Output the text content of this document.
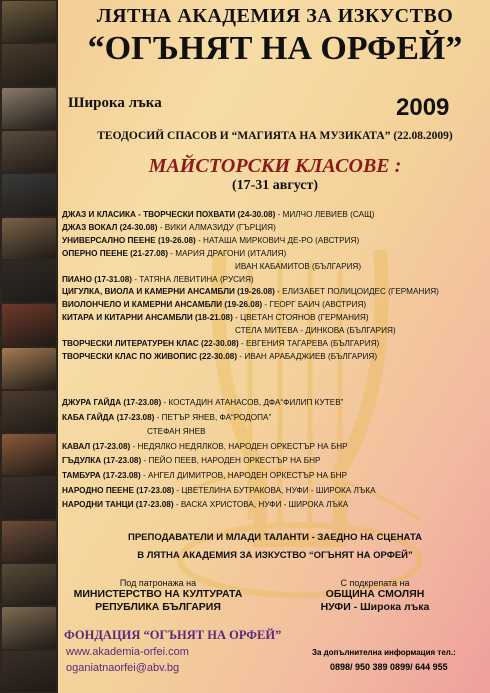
ЛЯТНА АКАДЕМИЯ ЗА ИЗКУСТВО
“ОГЪНЯТ НА ОРФЕЙ”
Широка лъка	2009
ТЕОДОСИЙ СПАСОВ И “МАГИЯТА НА МУЗИКАТА” (22.08.2009)
МАЙСТОРСКИ КЛАСОВЕ :
(17-31 август)
ДЖАЗ И КЛАСИКА - ТВОРЧЕСКИ ПОХВАТИ (24-30.08) - МИЛЧО ЛЕВИЕВ (САЩ)
ДЖАЗ ВОКАЛ (24-30.08) - ВИКИ АЛМАЗИДУ (ГЪРЦИЯ)
УНИВЕРСАЛНО ПЕЕНЕ (19-26.08) - НАТАША МИРКОВИЧ ДЕ-РО (АВСТРИЯ)
ОПЕРНО ПЕЕНЕ (21-27.08) - МАРИЯ ДРАГОНИ (ИТАЛИЯ)
ИВАН КАБАМИТОВ (БЪЛГАРИЯ)
ПИАНО (17-31.08) - ТАТЯНА ЛЕВИТИНА (РУСИЯ)
ЦИГУЛКА, ВИОЛА И КАМЕРНИ АНСАМБЛИ (19-26.08) - ЕЛИЗАБЕТ ПОЛИЦОИДЕС (ГЕРМАНИЯ)
ВИОЛОНЧЕЛО И КАМЕРНИ АНСАМБЛИ (19-26.08) - ГЕОРГ БАИЧ (АВСТРИЯ)
КИТАРА И КИТАРНИ АНСАМБЛИ (18-21.08) - ЦВЕТАН СТОЯНОВ (ГЕРМАНИЯ)
СТЕЛА МИТЕВА - ДИНКОВА (БЪЛГАРИЯ)
ТВОРЧЕСКИ ЛИТЕРАТУРЕН КЛАС (22-30.08) - ЕВГЕНИЯ ТАГАРЕВА (БЪЛГАРИЯ)
ТВОРЧЕСКИ КЛАС ПО ЖИВОПИС (22-30.08) - ИВАН АРАБАДЖИЕВ (БЪЛГАРИЯ)
ДЖУРА ГАЙДА (17-23.08) - КОСТАДИН АТАНАСОВ, ДФА“ФИЛИП КУТЕВ”
КАБА ГАЙДА (17-23.08) - ПЕТЪР ЯНЕВ, ФА“РОДОПА”
СТЕФАН ЯНЕВ
КАВАЛ (17-23.08) - НЕДЯЛКО НЕДЯЛКОВ, НАРОДЕН ОРКЕСТЪР НА БНР
ГЪДУЛКА (17-23.08) - ПЕЙО ПЕЕВ, НАРОДЕН ОРКЕСТЪР НА БНР
ТАМБУРА (17-23.08) - АНГЕЛ ДИМИТРОВ, НАРОДЕН ОРКЕСТЪР НА БНР
НАРОДНО ПЕЕНЕ (17-23.08) - ЦВЕТЕЛИНА БУТРАКОВА, НУФИ - ШИРОКА ЛЪКА
НАРОДНИ ТАНЦИ (17-23.08) - ВАСКА ХРИСТОВА, НУФИ - ШИРОКА ЛЪКА
ПРЕПОДАВАТЕЛИ И МЛАДИ ТАЛАНТИ - ЗАЕДНО НА СЦЕНАТА
В ЛЯТНА АКАДЕМИЯ ЗА ИЗКУСТВО “ОГЪНЯТ НА ОРФЕЙ”
Под патронажа на
МИНИСТЕРСТВО НА КУЛТУРАТА
РЕПУБЛИКА БЪЛГАРИЯ
С подкрепата на
ОБЩИНА СМОЛЯН
НУФИ - Широка лъка
ФОНДАЦИЯ “ОГЪНЯТ НА ОРФЕЙ”
www.akademia-orfei.com
oganiatnaorfei@abv.bg
За допълнителна информация тел.:
0898/ 950 389 0899/ 644 955
